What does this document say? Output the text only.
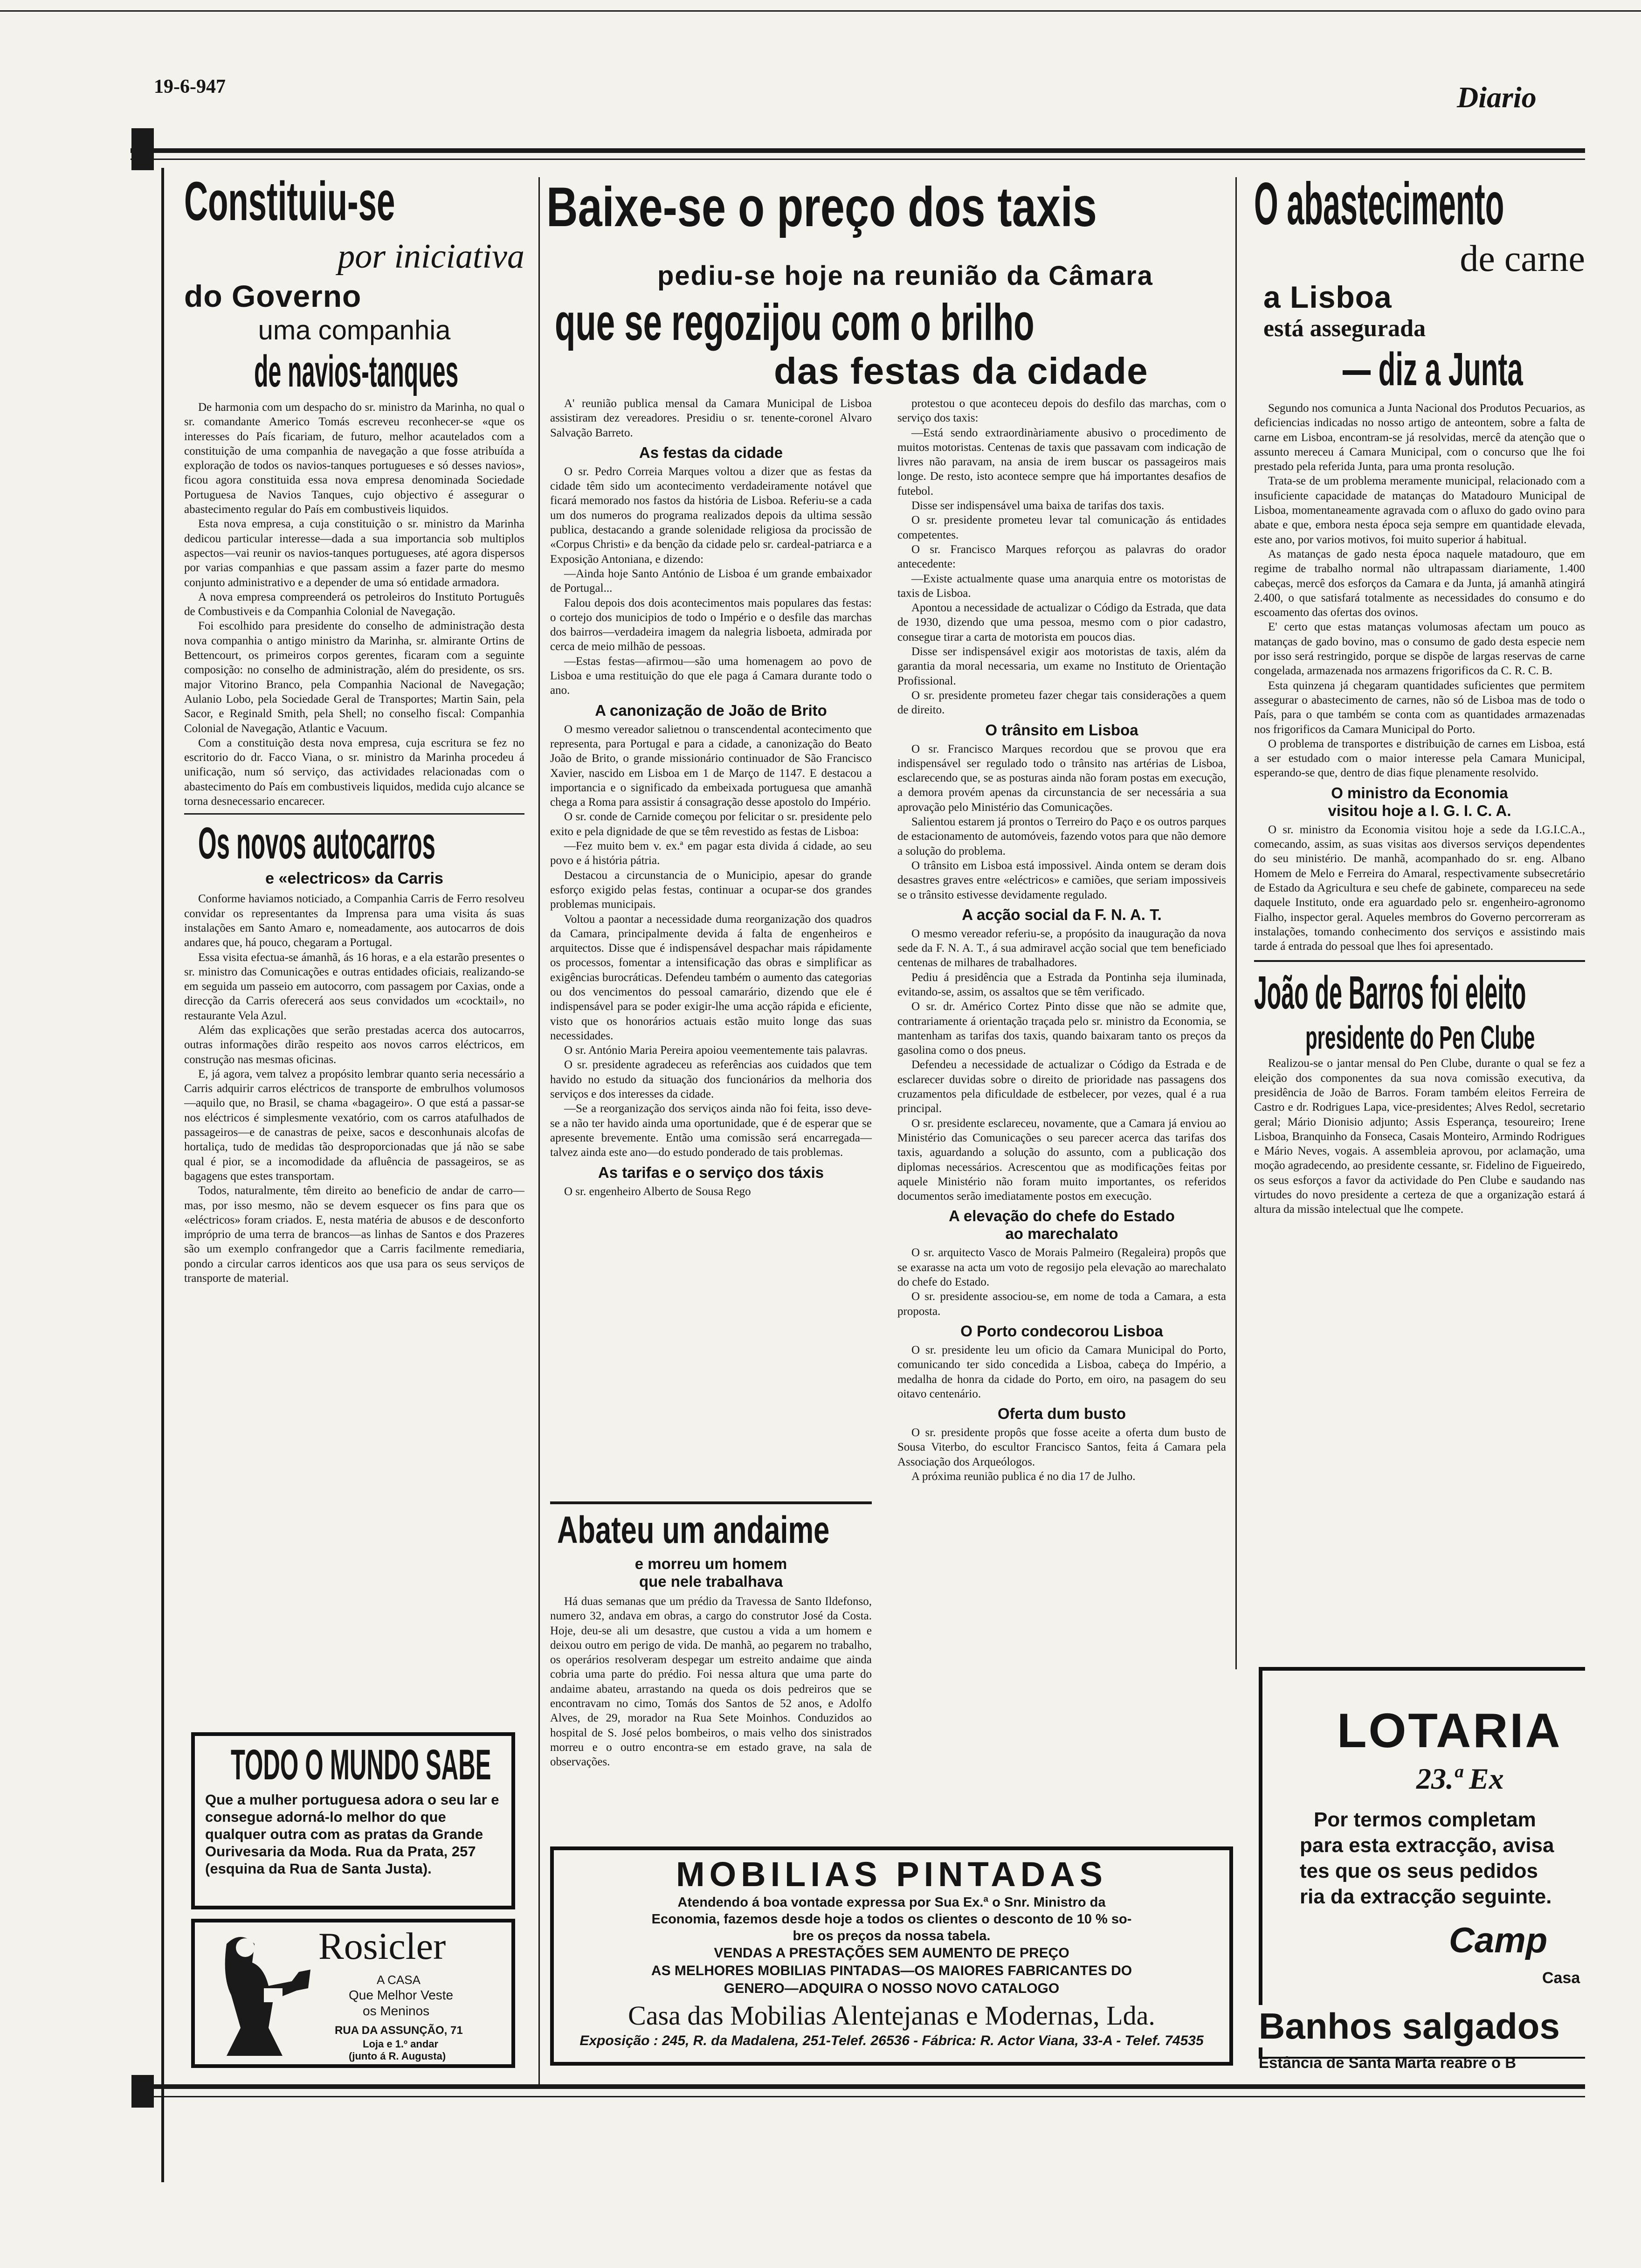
19-6-947	Diario
Constituiu-se
por iniciativa
do Governo
uma companhia
de navios-tanques

De harmonia com um despacho do sr. ministro da Marinha, no qual o sr. comandante Americo Tomás escreveu reconhecer-se «que os interesses do País ficariam, de futuro, melhor acautelados com a constituição de uma companhia de navegação a que fosse atribuída a exploração de todos os navios-tanques portugueses e só desses navios», ficou agora constituida essa nova empresa denominada Sociedade Portuguesa de Navios Tanques, cujo objectivo é assegurar o abastecimento regular do País em combustiveis liquidos.

Esta nova empresa, a cuja constituição o sr. ministro da Marinha dedicou particular interesse—dada a sua importancia sob multiplos aspectos—vai reunir os navios-tanques portugueses, até agora dispersos por varias companhias e que passam assim a fazer parte do mesmo conjunto administrativo e a depender de uma só entidade armadora.

A nova empresa compreenderá os petroleiros do Instituto Português de Combustiveis e da Companhia Colonial de Navegação.

Foi escolhido para presidente do conselho de administração desta nova companhia o antigo ministro da Marinha, sr. almirante Ortins de Bettencourt, os primeiros corpos gerentes, ficaram com a seguinte composição: no conselho de administração, além do presidente, os srs. major Vitorino Branco, pela Companhia Nacional de Navegação; Aulanio Lobo, pela Sociedade Geral de Transportes; Martin Sain, pela Sacor, e Reginald Smith, pela Shell; no conselho fiscal: Companhia Colonial de Navegação, Atlantic e Vacuum.

Com a constituição desta nova empresa, cuja escritura se fez no escritorio do dr. Facco Viana, o sr. ministro da Marinha procedeu á unificação, num só serviço, das actividades relacionadas com o abastecimento do País em combustiveis liquidos, medida cujo alcance se torna desnecessario encarecer.

Os novos autocarros
e «electricos» da Carris

Conforme haviamos noticiado, a Companhia Carris de Ferro resolveu convidar os representantes da Imprensa para uma visita ás suas instalações em Santo Amaro e, nomeadamente, aos autocarros de dois andares que, há pouco, chegaram a Portugal.

Essa visita efectua-se ámanhã, ás 16 horas, e a ela estarão presentes o sr. ministro das Comunicações e outras entidades oficiais, realizando-se em seguida um passeio em autocorro, com passagem por Caxias, onde a direcção da Carris oferecerá aos seus convidados um «cocktail», no restaurante Vela Azul.

Além das explicações que serão prestadas acerca dos autocarros, outras informações dirão respeito aos novos carros eléctricos, em construção nas mesmas oficinas.

E, já agora, vem talvez a propósito lembrar quanto seria necessário a Carris adquirir carros eléctricos de transporte de embrulhos volumosos—aquilo que, no Brasil, se chama «bagageiro». O que está a passar-se nos eléctricos é simplesmente vexatório, com os carros atafulhados de passageiros—e de canastras de peixe, sacos e desconhunais alcofas de hortaliça, tudo de medidas tão desproporcionadas que já não se sabe qual é pior, se a incomodidade da afluência de passageiros, se as bagagens que estes transportam.

Todos, naturalmente, têm direito ao beneficio de andar de carro—mas, por isso mesmo, não se devem esquecer os fins para que os «eléctricos» foram criados. E, nesta matéria de abusos e de desconforto impróprio de uma terra de brancos—as linhas de Santos e dos Prazeres são um exemplo confrangedor que a Carris facilmente remediaria, pondo a circular carros identicos aos que usa para os seus serviços de transporte de material.

TODO O MUNDO SABE
Que a mulher portuguesa adora o seu lar e consegue adorná-lo melhor do que qualquer outra com as pratas da Grande Ourivesaria da Moda. Rua da Prata, 257 (esquina da Rua de Santa Justa).
Rosicler
A CASA
Que Melhor Veste
os Meninos
RUA DA ASSUNÇÃO, 71
Loja e 1.º andar
(junto á R. Augusta)
Baixe-se o preço dos taxis
pediu-se hoje na reunião da Câmara
que se regozijou com o brilho
das festas da cidade

A' reunião publica mensal da Camara Municipal de Lisboa assistiram dez vereadores. Presidiu o sr. tenente-coronel Alvaro Salvação Barreto.

As festas da cidade

O sr. Pedro Correia Marques voltou a dizer que as festas da cidade têm sido um acontecimento verdadeiramente notável que ficará memorado nos fastos da história de Lisboa. Referiu-se a cada um dos numeros do programa realizados depois da ultima sessão publica, destacando a grande solenidade religiosa da procissão de «Corpus Christi» e da benção da cidade pelo sr. cardeal-patriarca e a Exposição Antoniana, e dizendo:

—Ainda hoje Santo António de Lisboa é um grande embaixador de Portugal...

Falou depois dos dois acontecimentos mais populares das festas: o cortejo dos municipios de todo o Império e o desfile das marchas dos bairros—verdadeira imagem da nalegria lisboeta, admirada por cerca de meio milhão de pessoas.

—Estas festas—afirmou—são uma homenagem ao povo de Lisboa e uma restituição do que ele paga á Camara durante todo o ano.

A canonização de João de Brito

O mesmo vereador salietnou o transcendental acontecimento que representa, para Portugal e para a cidade, a canonização do Beato João de Brito, o grande missionário continuador de São Francisco Xavier, nascido em Lisboa em 1 de Março de 1147. E destacou a importancia e o significado da embeixada portuguesa que amanhã chega a Roma para assistir á consagração desse apostolo do Império.

O sr. conde de Carnide começou por felicitar o sr. presidente pelo exito e pela dignidade de que se têm revestido as festas de Lisboa:

—Fez muito bem v. ex.ª em pagar esta divida á cidade, ao seu povo e á história pátria.

Destacou a circunstancia de o Municipio, apesar do grande esforço exigido pelas festas, continuar a ocupar-se dos grandes problemas municipais.

Voltou a paontar a necessidade duma reorganização dos quadros da Camara, principalmente devida á falta de engenheiros e arquitectos. Disse que é indispensável despachar mais rápidamente os processos, fomentar a intensificação das obras e simplificar as exigências burocráticas. Defendeu também o aumento das categorias ou dos vencimentos do pessoal camarário, dizendo que ele é indispensável para se poder exigir-lhe uma acção rápida e eficiente, visto que os honorários actuais estão muito longe das suas necessidades.

O sr. António Maria Pereira apoiou veementemente tais palavras.

O sr. presidente agradeceu as referências aos cuidados que tem havido no estudo da situação dos funcionários da melhoria dos serviços e dos interesses da cidade.

—Se a reorganização dos serviços ainda não foi feita, isso deve-se a não ter havido ainda uma oportunidade, que é de esperar que se apresente brevemente. Então uma comissão será encarregada—talvez ainda este ano—do estudo ponderado de tais problemas.

As tarifas e o serviço dos táxis

O sr. engenheiro Alberto de Sousa Rego

protestou o que aconteceu depois do desfilo das marchas, com o serviço dos taxis:

—Está sendo extraordinàriamente abusivo o procedimento de muitos motoristas. Centenas de taxis que passavam com indicação de livres não paravam, na ansia de irem buscar os passageiros mais longe. De resto, isto acontece sempre que há importantes desafios de futebol.

Disse ser indispensável uma baixa de tarifas dos taxis.

O sr. presidente prometeu levar tal comunicação ás entidades competentes.

O sr. Francisco Marques reforçou as palavras do orador antecedente:

—Existe actualmente quase uma anarquia entre os motoristas de taxis de Lisboa.

Apontou a necessidade de actualizar o Código da Estrada, que data de 1930, dizendo que uma pessoa, mesmo com o pior cadastro, consegue tirar a carta de motorista em poucos dias.

Disse ser indispensável exigir aos motoristas de taxis, além da garantia da moral necessaria, um exame no Instituto de Orientação Profissional.

O sr. presidente prometeu fazer chegar tais considerações a quem de direito.

O trânsito em Lisboa

O sr. Francisco Marques recordou que se provou que era indispensável ser regulado todo o trânsito nas artérias de Lisboa, esclarecendo que, se as posturas ainda não foram postas em execução, a demora provém apenas da circunstancia de ser necessária a sua aprovação pelo Ministério das Comunicações.

Salientou estarem já prontos o Terreiro do Paço e os outros parques de estacionamento de automóveis, fazendo votos para que não demore a solução do problema.

O trânsito em Lisboa está impossivel. Ainda ontem se deram dois desastres graves entre «eléctricos» e camiões, que seriam impossiveis se o trânsito estivesse devidamente regulado.

A acção social da F. N. A. T.

O mesmo vereador referiu-se, a propósito da inauguração da nova sede da F. N. A. T., á sua admiravel acção social que tem beneficiado centenas de milhares de trabalhadores.

Pediu á presidência que a Estrada da Pontinha seja iluminada, evitando-se, assim, os assaltos que se têm verificado.

O sr. dr. Américo Cortez Pinto disse que não se admite que, contrariamente á orientação traçada pelo sr. ministro da Economia, se mantenham as tarifas dos taxis, quando baixaram tanto os preços da gasolina como o dos pneus.

Defendeu a necessidade de actualizar o Código da Estrada e de esclarecer duvidas sobre o direito de prioridade nas passagens dos cruzamentos pela dificuldade de estbelecer, por vezes, qual é a rua principal.

O sr. presidente esclareceu, novamente, que a Camara já enviou ao Ministério das Comunicações o seu parecer acerca das tarifas dos taxis, aguardando a solução do assunto, com a publicação dos diplomas necessários. Acrescentou que as modificações feitas por aquele Ministério não foram muito importantes, os referidos documentos serão imediatamente postos em execução.

A elevação do chefe do Estado
ao marechalato

O sr. arquitecto Vasco de Morais Palmeiro (Regaleira) propôs que se exarasse na acta um voto de regosijo pela elevação ao marechalato do chefe do Estado.

O sr. presidente associou-se, em nome de toda a Camara, a esta proposta.

O Porto condecorou Lisboa

O sr. presidente leu um oficio da Camara Municipal do Porto, comunicando ter sido concedida a Lisboa, cabeça do Império, a medalha de honra da cidade do Porto, em oiro, na pasagem do seu oitavo centenário.

Oferta dum busto

O sr. presidente propôs que fosse aceite a oferta dum busto de Sousa Viterbo, do escultor Francisco Santos, feita á Camara pela Associação dos Arqueólogos.

A próxima reunião publica é no dia 17 de Julho.

Abateu um andaime
e morreu um homem
que nele trabalhava

Há duas semanas que um prédio da Travessa de Santo Ildefonso, numero 32, andava em obras, a cargo do construtor José da Costa. Hoje, deu-se ali um desastre, que custou a vida a um homem e deixou outro em perigo de vida. De manhã, ao pegarem no trabalho, os operários resolveram despegar um estreito andaime que ainda cobria uma parte do prédio. Foi nessa altura que uma parte do andaime abateu, arrastando na queda os dois pedreiros que se encontravam no cimo, Tomás dos Santos de 52 anos, e Adolfo Alves, de 29, morador na Rua Sete Moinhos. Conduzidos ao hospital de S. José pelos bombeiros, o mais velho dos sinistrados morreu e o outro encontra-se em estado grave, na sala de observações.

MOBILIAS PINTADAS
Atendendo á boa vontade expressa por Sua Ex.ª o Snr. Ministro da
Economia, fazemos desde hoje a todos os clientes o desconto de 10 % so-
bre os preços da nossa tabela.
VENDAS A PRESTAÇÕES SEM AUMENTO DE PREÇO
AS MELHORES MOBILIAS PINTADAS—OS MAIORES FABRICANTES DO
GENERO—ADQUIRA O NOSSO NOVO CATALOGO
Casa das Mobilias Alentejanas e Modernas, Lda.
Exposição : 245, R. da Madalena, 251-Telef. 26536 - Fábrica: R. Actor Viana, 33-A - Telef. 74535
O abastecimento
de carne
a Lisboa
está assegurada
— diz a Junta

Segundo nos comunica a Junta Nacional dos Produtos Pecuarios, as deficiencias indicadas no nosso artigo de anteontem, sobre a falta de carne em Lisboa, encontram-se já resolvidas, mercê da atenção que o assunto mereceu á Camara Municipal, com o concurso que lhe foi prestado pela referida Junta, para uma pronta resolução.

Trata-se de um problema meramente municipal, relacionado com a insuficiente capacidade de matanças do Matadouro Municipal de Lisboa, momentaneamente agravada com o afluxo do gado ovino para abate e que, embora nesta época seja sempre em quantidade elevada, este ano, por varios motivos, foi muito superior á habitual.

As matanças de gado nesta época naquele matadouro, que em regime de trabalho normal não ultrapassam diariamente, 1.400 cabeças, mercê dos esforços da Camara e da Junta, já amanhã atingirá 2.400, o que satisfará totalmente as necessidades do consumo e do escoamento das ofertas dos ovinos.

E' certo que estas matanças volumosas afectam um pouco as matanças de gado bovino, mas o consumo de gado desta especie nem por isso será restringido, porque se dispõe de largas reservas de carne congelada, armazenada nos armazens frigorificos da C. R. C. B.

Esta quinzena já chegaram quantidades suficientes que permitem assegurar o abastecimento de carnes, não só de Lisboa mas de todo o País, para o que também se conta com as quantidades armazenadas nos frigorificos da Camara Municipal do Porto.

O problema de transportes e distribuição de carnes em Lisboa, está a ser estudado com o maior interesse pela Camara Municipal, esperando-se que, dentro de dias fique plenamente resolvido.

O ministro da Economia
visitou hoje a I. G. I. C. A.

O sr. ministro da Economia visitou hoje a sede da I.G.I.C.A., comecando, assim, as suas visitas aos diversos serviços dependentes do seu ministério. De manhã, acompanhado do sr. eng. Albano Homem de Melo e Ferreira do Amaral, respectivamente subsecretário de Estado da Agricultura e seu chefe de gabinete, compareceu na sede daquele Instituto, onde era aguardado pelo sr. engenheiro-agronomo Fialho, inspector geral. Aqueles membros do Governo percorreram as instalações, tomando conhecimento dos serviços e assistindo mais tarde á entrada do pessoal que lhes foi apresentado.

João de Barros foi eleito
presidente do Pen Clube

Realizou-se o jantar mensal do Pen Clube, durante o qual se fez a eleição dos componentes da sua nova comissão executiva, da presidência de João de Barros. Foram também eleitos Ferreira de Castro e dr. Rodrigues Lapa, vice-presidentes; Alves Redol, secretario geral; Mário Dionisio adjunto; Assis Esperança, tesoureiro; Irene Lisboa, Branquinho da Fonseca, Casais Monteiro, Armindo Rodrigues e Mário Neves, vogais. A assembleia aprovou, por aclamação, uma moção agradecendo, ao presidente cessante, sr. Fidelino de Figueiredo, os seus esforços a favor da actividade do Pen Clube e saudando nas virtudes do novo presidente a certeza de que a organização estará á altura da missão intelectual que lhe compete.

LOTARIA
23.ª Ex
Por termos completam
para esta extracção, avisa
tes que os seus pedidos
ria da extracção seguinte.
Camp
Casa
Banhos salgados
Estância de Santa Marta reabre o B
